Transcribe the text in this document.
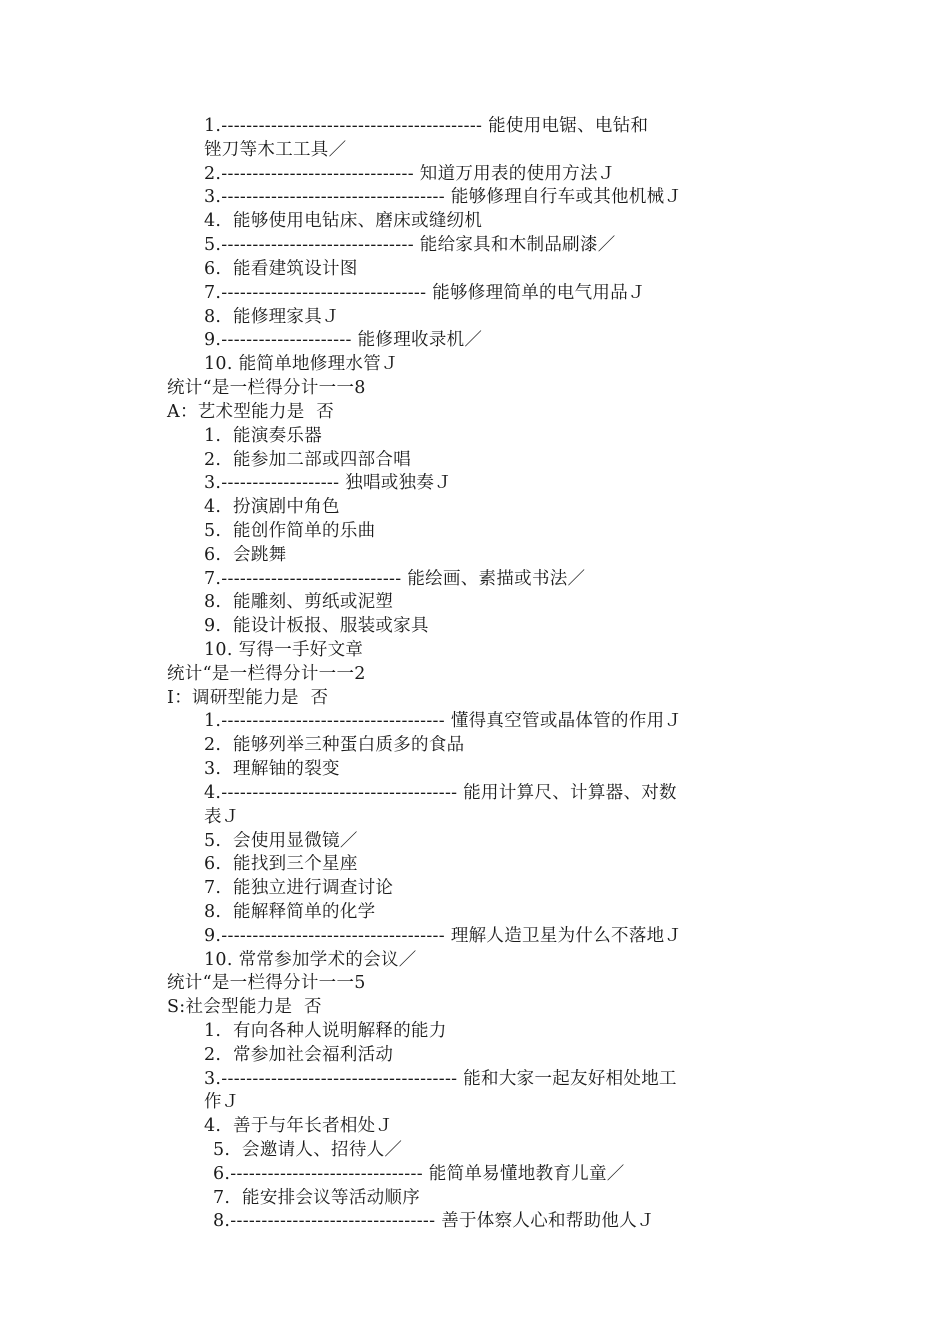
1.------------------------------------------ 能使用电锯、电钻和
锉刀等木工工具／
2.------------------------------- 知道万用表的使用方法Ｊ
3.------------------------------------ 能够修理自行车或其他机械Ｊ
4.  能够使用电钻床、磨床或缝纫机
5.------------------------------- 能给家具和木制品刷漆／
6.  能看建筑设计图
7.--------------------------------- 能够修理简单的电气用品Ｊ
8.  能修理家具Ｊ
9.--------------------- 能修理收录机／
10. 能简单地修理水管Ｊ
统计“是一栏得分计一一8
A：艺术型能力是  否
1.  能演奏乐器
2.  能参加二部或四部合唱
3.------------------- 独唱或独奏Ｊ
4.  扮演剧中角色
5.  能创作简单的乐曲
6.  会跳舞
7.----------------------------- 能绘画、素描或书法／
8.  能雕刻、剪纸或泥塑
9.  能设计板报、服装或家具
10. 写得一手好文章
统计“是一栏得分计一一2
I：调研型能力是  否
1.------------------------------------ 懂得真空管或晶体管的作用Ｊ
2.  能够列举三种蛋白质多的食品
3.  理解铀的裂变
4.-------------------------------------- 能用计算尺、计算器、对数
表Ｊ
5.  会使用显微镜／
6.  能找到三个星座
7.  能独立进行调查讨论
8.  能解释简单的化学
9.------------------------------------ 理解人造卫星为什么不落地Ｊ
10. 常常参加学术的会议／
统计“是一栏得分计一一5
S:社会型能力是  否
1.  有向各种人说明解释的能力
2.  常参加社会福利活动
3.-------------------------------------- 能和大家一起友好相处地工
作Ｊ
4.  善于与年长者相处Ｊ
5.  会邀请人、招待人／
6.------------------------------- 能简单易懂地教育儿童／
7.  能安排会议等活动顺序
8.--------------------------------- 善于体察人心和帮助他人Ｊ
